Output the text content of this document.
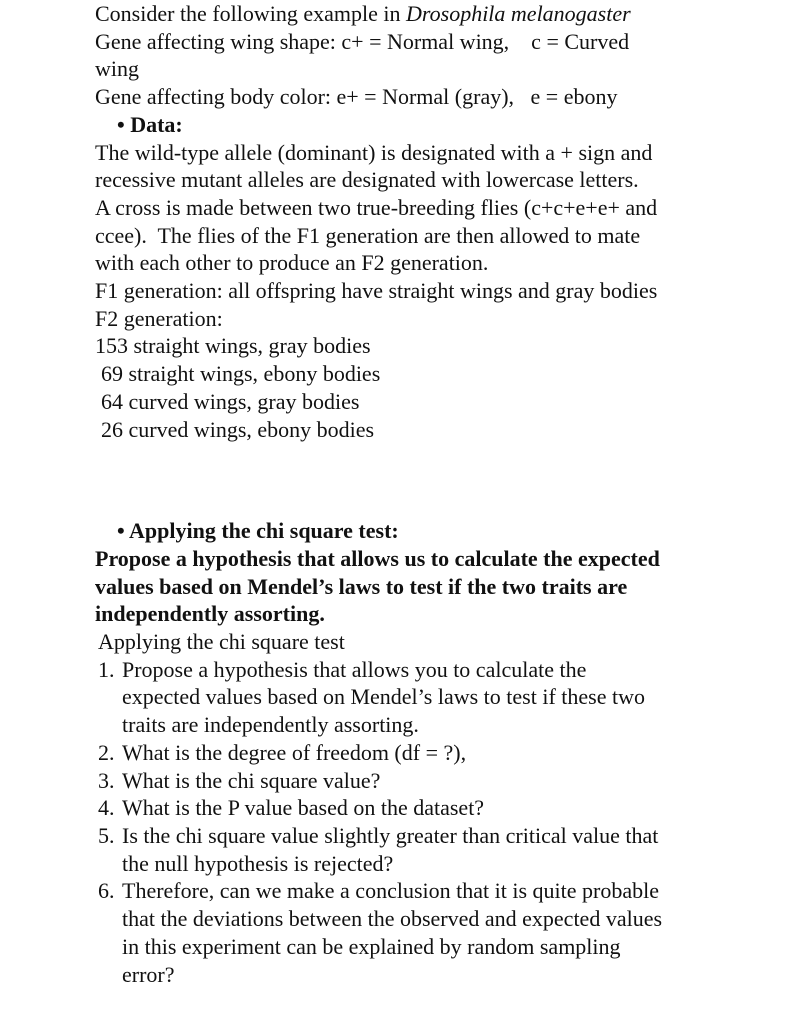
Consider the following example in Drosophila melanogaster
Gene affecting wing shape: c+ = Normal wing,    c = Curved
wing
Gene affecting body color: e+ = Normal (gray),   e = ebony
• Data:
The wild-type allele (dominant) is designated with a + sign and
recessive mutant alleles are designated with lowercase letters.
A cross is made between two true-breeding flies (c+c+e+e+ and
ccee).  The flies of the F1 generation are then allowed to mate
with each other to produce an F2 generation.
F1 generation: all offspring have straight wings and gray bodies
F2 generation:
153 straight wings, gray bodies
69 straight wings, ebony bodies
64 curved wings, gray bodies
26 curved wings, ebony bodies
• Applying the chi square test:
Propose a hypothesis that allows us to calculate the expected
values based on Mendel’s laws to test if the two traits are
independently assorting.
Applying the chi square test
1. Propose a hypothesis that allows you to calculate the
expected values based on Mendel’s laws to test if these two
traits are independently assorting.
2. What is the degree of freedom (df = ?),
3. What is the chi square value?
4. What is the P value based on the dataset?
5. Is the chi square value slightly greater than critical value that
the null hypothesis is rejected?
6. Therefore, can we make a conclusion that it is quite probable
that the deviations between the observed and expected values
in this experiment can be explained by random sampling
error?
